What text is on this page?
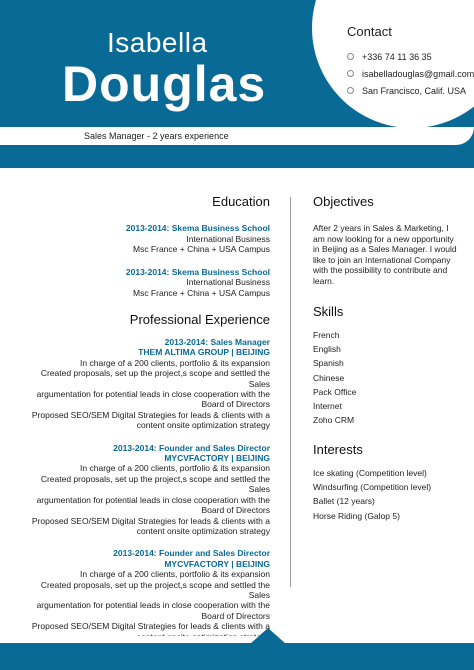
Isabella
Douglas
Sales Manager - 2 years experience
Contact
+336 74 11 36 35
isabelladouglas@gmail.com
San Francisco, Calif. USA
Education
2013-2014: Skema Business School
International Business
Msc France + China + USA Campus
2013-2014: Skema Business School
International Business
Msc France + China + USA Campus
Professional Experience
2013-2014: Sales Manager
THEM ALTIMA GROUP | BEIJING
In charge of a 200 clients, portfolio & its expansion
Created proposals, set up the project,s scope and settled the Sales
argumentation for potential leads in close cooperation with the
Board of Directors
Proposed SEO/SEM Digital Strategies for leads & clients with a
content onsite optimization strategy
2013-2014: Founder and Sales Director
MYCVFACTORY | BEIJING
In charge of a 200 clients, portfolio & its expansion
Created proposals, set up the project,s scope and settled the Sales
argumentation for potential leads in close cooperation with the
Board of Directors
Proposed SEO/SEM Digital Strategies for leads & clients with a
content onsite optimization strategy
2013-2014: Founder and Sales Director
MYCVFACTORY | BEIJING
In charge of a 200 clients, portfolio & its expansion
Created proposals, set up the project,s scope and settled the Sales
argumentation for potential leads in close cooperation with the
Board of Directors
Proposed SEO/SEM Digital Strategies for leads & clients with a
Objectives
After 2 years in Sales & Marketing, I am now looking for a new opportunity in Beijing as a Sales Manager. I would like to join an International Company with the possibility to contribute and learn.
Skills
French
English
Spanish
Chinese
Pack Office
Internet
Zoho CRM
Interests
Ice skating (Competition level)
Windsurfing (Competition level)
Ballet (12 years)
Horse Riding (Galop 5)
